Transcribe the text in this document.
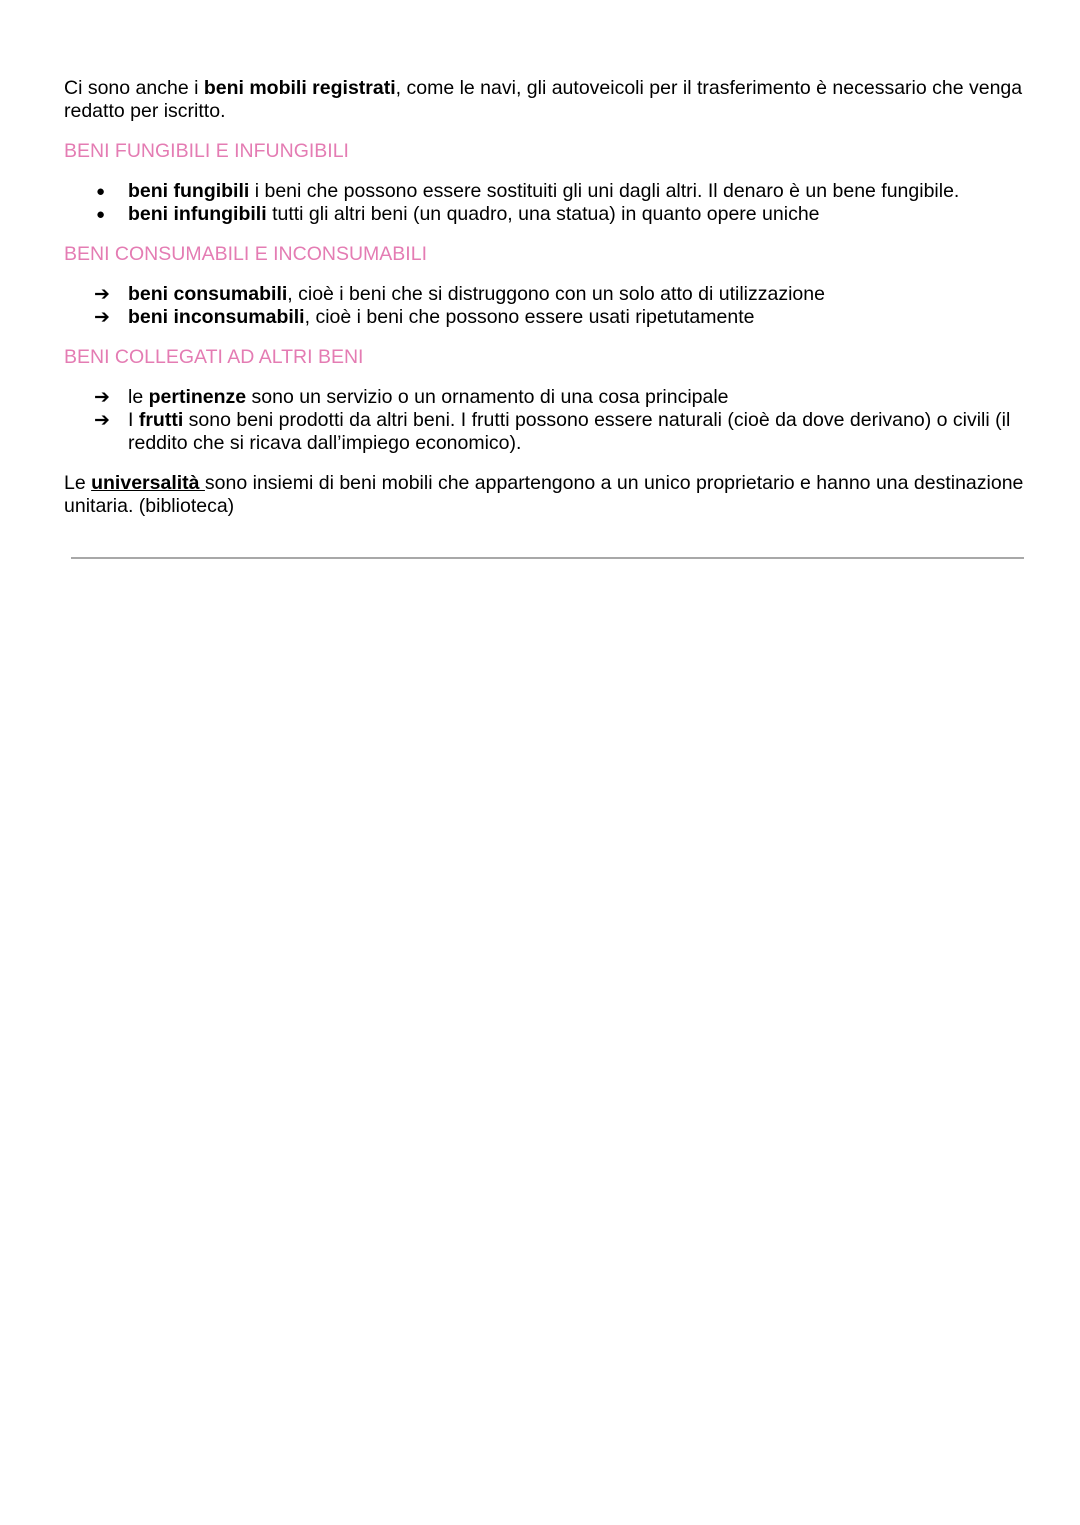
Ci sono anche i beni mobili registrati, come le navi, gli autoveicoli per il trasferimento è necessario che venga redatto per iscritto.

BENI FUNGIBILI E INFUNGIBILI

●	beni fungibili i beni che possono essere sostituiti gli uni dagli altri. Il denaro è un bene fungibile.
●	beni infungibili tutti gli altri beni (un quadro, una statua) in quanto opere uniche

BENI CONSUMABILI E INCONSUMABILI

➔ beni consumabili, cioè i beni che si distruggono con un solo atto di utilizzazione
➔ beni inconsumabili, cioè i beni che possono essere usati ripetutamente

BENI COLLEGATI AD ALTRI BENI

➔ le pertinenze sono un servizio o un ornamento di una cosa principale
➔ I frutti sono beni prodotti da altri beni. I frutti possono essere naturali (cioè da dove derivano) o civili (il reddito che si ricava dall’impiego economico).

Le universalità sono insiemi di beni mobili che appartengono a un unico proprietario e hanno una destinazione unitaria. (biblioteca)
